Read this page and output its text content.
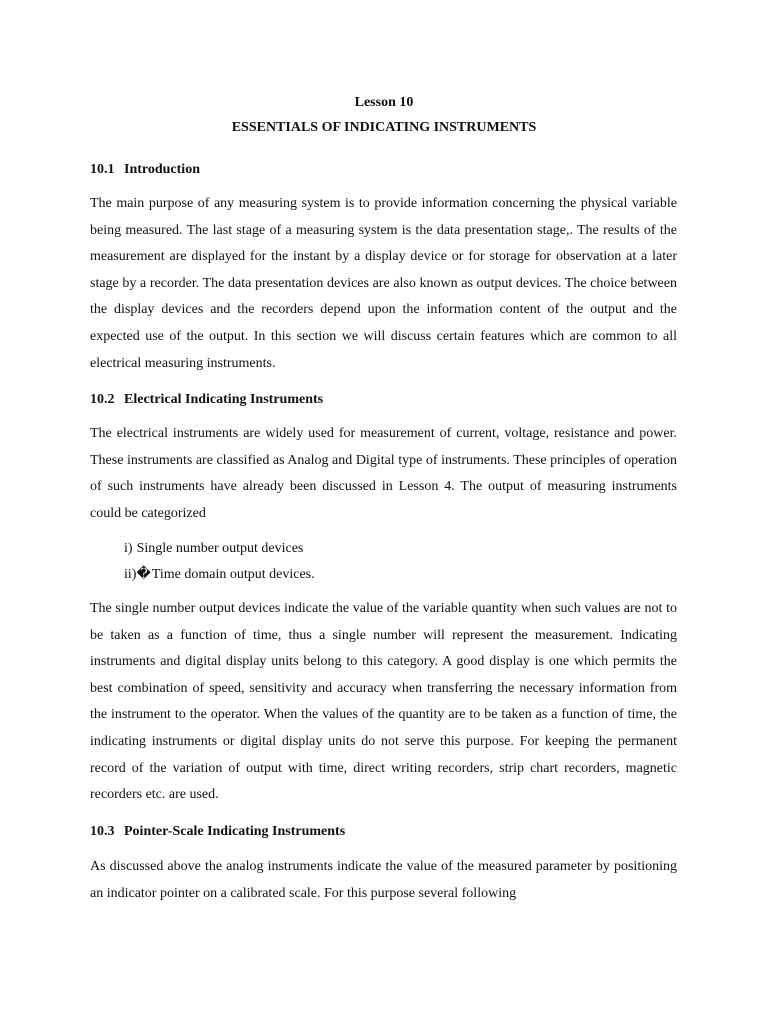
Lesson 10
ESSENTIALS OF INDICATING INSTRUMENTS
10.1 Introduction

The main purpose of any measuring system is to provide information concerning the physical variable being measured. The last stage of a measuring system is the data presentation stage,. The results of the measurement are displayed for the instant by a display device or for storage for observation at a later stage by a recorder. The data presentation devices are also known as output devices. The choice between the display devices and the recorders depend upon the information content of the output and the expected use of the output. In this section we will discuss certain features which are common to all electrical measuring instruments.

10.2 Electrical Indicating Instruments

The electrical instruments are widely used for measurement of current, voltage, resistance and power. These instruments are classified as Analog and Digital type of instruments. These principles of operation of such instruments have already been discussed in Lesson 4. The output of measuring instruments could be categorized

i) Single number output devices
ii)�Time domain output devices.

The single number output devices indicate the value of the variable quantity when such values are not to be taken as a function of time, thus a single number will represent the measurement. Indicating instruments and digital display units belong to this category. A good display is one which permits the best combination of speed, sensitivity and accuracy when transferring the necessary information from the instrument to the operator. When the values of the quantity are to be taken as a function of time, the indicating instruments or digital display units do not serve this purpose. For keeping the permanent record of the variation of output with time, direct writing recorders, strip chart recorders, magnetic recorders etc. are used.

10.3 Pointer-Scale Indicating Instruments

As discussed above the analog instruments indicate the value of the measured parameter by positioning an indicator pointer on a calibrated scale. For this purpose several following
